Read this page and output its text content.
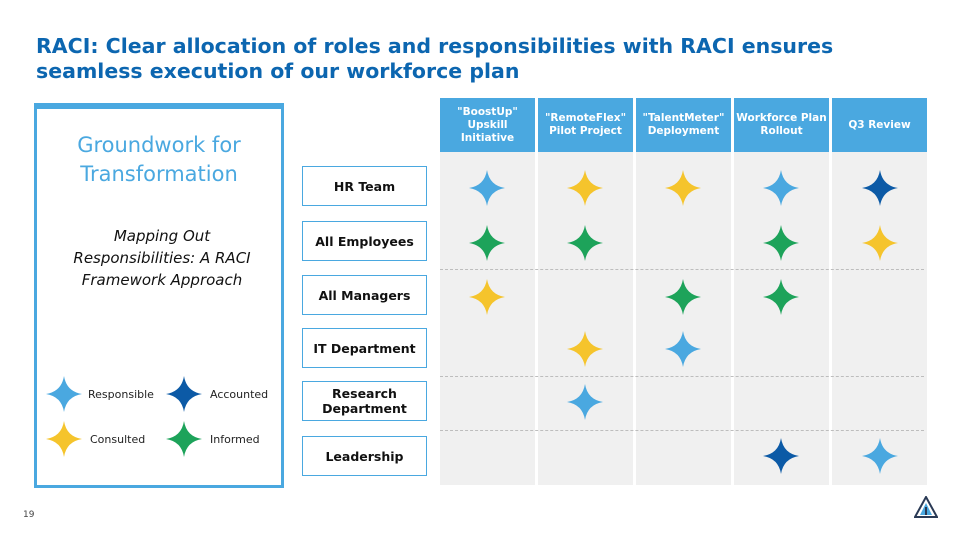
RACI: Clear allocation of roles and responsibilities with RACI ensures seamless execution of our workforce plan
Groundwork for Transformation
Mapping Out Responsibilities: A RACI Framework Approach
Responsible	Accounted
Consulted	Informed
"BoostUp" Upskill Initiative
"RemoteFlex" Pilot Project
"TalentMeter" Deployment
Workforce Plan Rollout
Q3 Review
HR Team
All Employees
All Managers
IT Department
Research Department
Leadership
19
